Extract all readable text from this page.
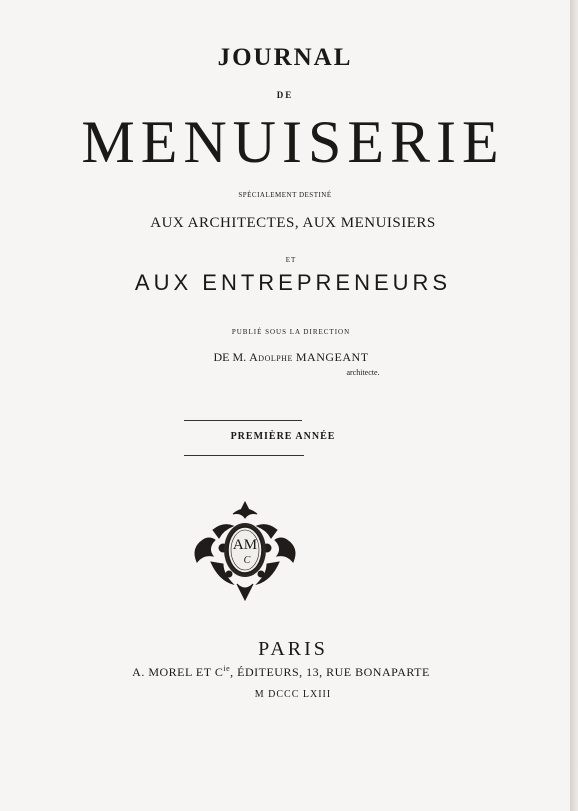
JOURNAL
DE
MENUISERIE
SPÉCIALEMENT DESTINÉ
AUX ARCHITECTES, AUX MENUISIERS
ET
AUX ENTREPRENEURS
PUBLIÉ SOUS LA DIRECTION
DE M. Adolphe MANGEANT
architecte.
PREMIÈRE ANNÉE
AM
C
PARIS
A. MOREL ET $C^{ie}$, ÉDITEURS, 13, RUE BONAPARTE
M DCCC LXIII
